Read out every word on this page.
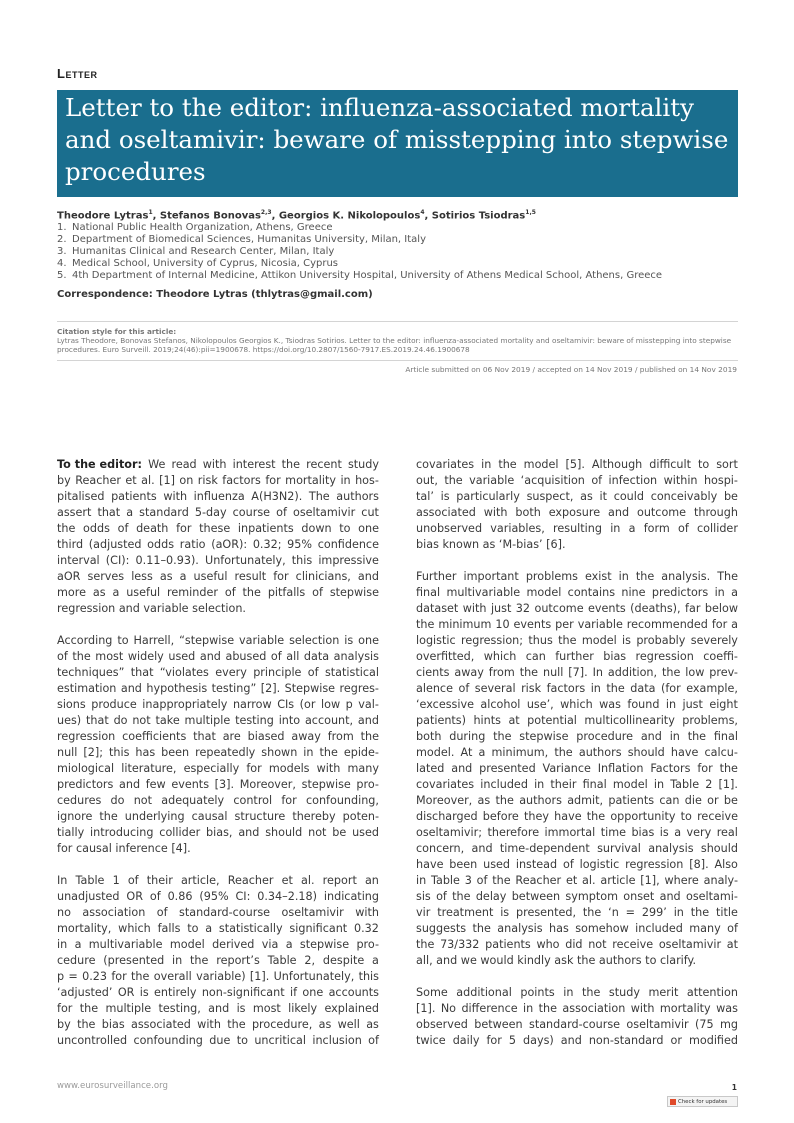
Letter
Letter to the editor: influenza-associated mortality
and oseltamivir: beware of misstepping into stepwise
procedures
Theodore Lytras$^1$, Stefanos Bonovas$^{2,3}$, Georgios K. Nikolopoulos$^4$, Sotirios Tsiodras$^{1,5}$
1. National Public Health Organization, Athens, Greece
2. Department of Biomedical Sciences, Humanitas University, Milan, Italy
3. Humanitas Clinical and Research Center, Milan, Italy
4. Medical School, University of Cyprus, Nicosia, Cyprus
5. 4th Department of Internal Medicine, Attikon University Hospital, University of Athens Medical School, Athens, Greece
Correspondence: Theodore Lytras (thlytras@gmail.com)
Citation style for this article:
Lytras Theodore, Bonovas Stefanos, Nikolopoulos Georgios K., Tsiodras Sotirios. Letter to the editor: influenza-associated mortality and oseltamivir: beware of misstepping into stepwise procedures. Euro Surveill. 2019;24(46):pii=1900678. https://doi.org/10.2807/1560-7917.ES.2019.24.46.1900678
Article submitted on 06 Nov 2019 / accepted on 14 Nov 2019 / published on 14 Nov 2019
To the editor: We read with interest the recent study
by Reacher et al. [1] on risk factors for mortality in hos-
pitalised patients with influenza A(H3N2). The authors
assert that a standard 5-day course of oseltamivir cut
the odds of death for these inpatients down to one
third (adjusted odds ratio (aOR): 0.32; 95% confidence
interval (CI): 0.11–0.93). Unfortunately, this impressive
aOR serves less as a useful result for clinicians, and
more as a useful reminder of the pitfalls of stepwise
regression and variable selection.
According to Harrell, “stepwise variable selection is one
of the most widely used and abused of all data analysis
techniques” that “violates every principle of statistical
estimation and hypothesis testing” [2]. Stepwise regres-
sions produce inappropriately narrow CIs (or low p val-
ues) that do not take multiple testing into account, and
regression coefficients that are biased away from the
null [2]; this has been repeatedly shown in the epide-
miological literature, especially for models with many
predictors and few events [3]. Moreover, stepwise pro-
cedures do not adequately control for confounding,
ignore the underlying causal structure thereby poten-
tially introducing collider bias, and should not be used
for causal inference [4].
In Table 1 of their article, Reacher et al. report an
unadjusted OR of 0.86 (95% CI: 0.34–2.18) indicating
no association of standard-course oseltamivir with
mortality, which falls to a statistically significant 0.32
in a multivariable model derived via a stepwise pro-
cedure (presented in the report’s Table 2, despite a
p = 0.23 for the overall variable) [1]. Unfortunately, this
‘adjusted’ OR is entirely non-significant if one accounts
for the multiple testing, and is most likely explained
by the bias associated with the procedure, as well as
uncontrolled confounding due to uncritical inclusion of
covariates in the model [5]. Although difficult to sort
out, the variable ‘acquisition of infection within hospi-
tal’ is particularly suspect, as it could conceivably be
associated with both exposure and outcome through
unobserved variables, resulting in a form of collider
bias known as ‘M-bias’ [6].
Further important problems exist in the analysis. The
final multivariable model contains nine predictors in a
dataset with just 32 outcome events (deaths), far below
the minimum 10 events per variable recommended for a
logistic regression; thus the model is probably severely
overfitted, which can further bias regression coeffi-
cients away from the null [7]. In addition, the low prev-
alence of several risk factors in the data (for example,
‘excessive alcohol use’, which was found in just eight
patients) hints at potential multicollinearity problems,
both during the stepwise procedure and in the final
model. At a minimum, the authors should have calcu-
lated and presented Variance Inflation Factors for the
covariates included in their final model in Table 2 [1].
Moreover, as the authors admit, patients can die or be
discharged before they have the opportunity to receive
oseltamivir; therefore immortal time bias is a very real
concern, and time-dependent survival analysis should
have been used instead of logistic regression [8]. Also
in Table 3 of the Reacher et al. article [1], where analy-
sis of the delay between symptom onset and oseltami-
vir treatment is presented, the ‘n = 299’ in the title
suggests the analysis has somehow included many of
the 73/332 patients who did not receive oseltamivir at
all, and we would kindly ask the authors to clarify.
Some additional points in the study merit attention
[1]. No difference in the association with mortality was
observed between standard-course oseltamivir (75 mg
twice daily for 5 days) and non-standard or modified
www.eurosurveillance.org	1
Check for updates
